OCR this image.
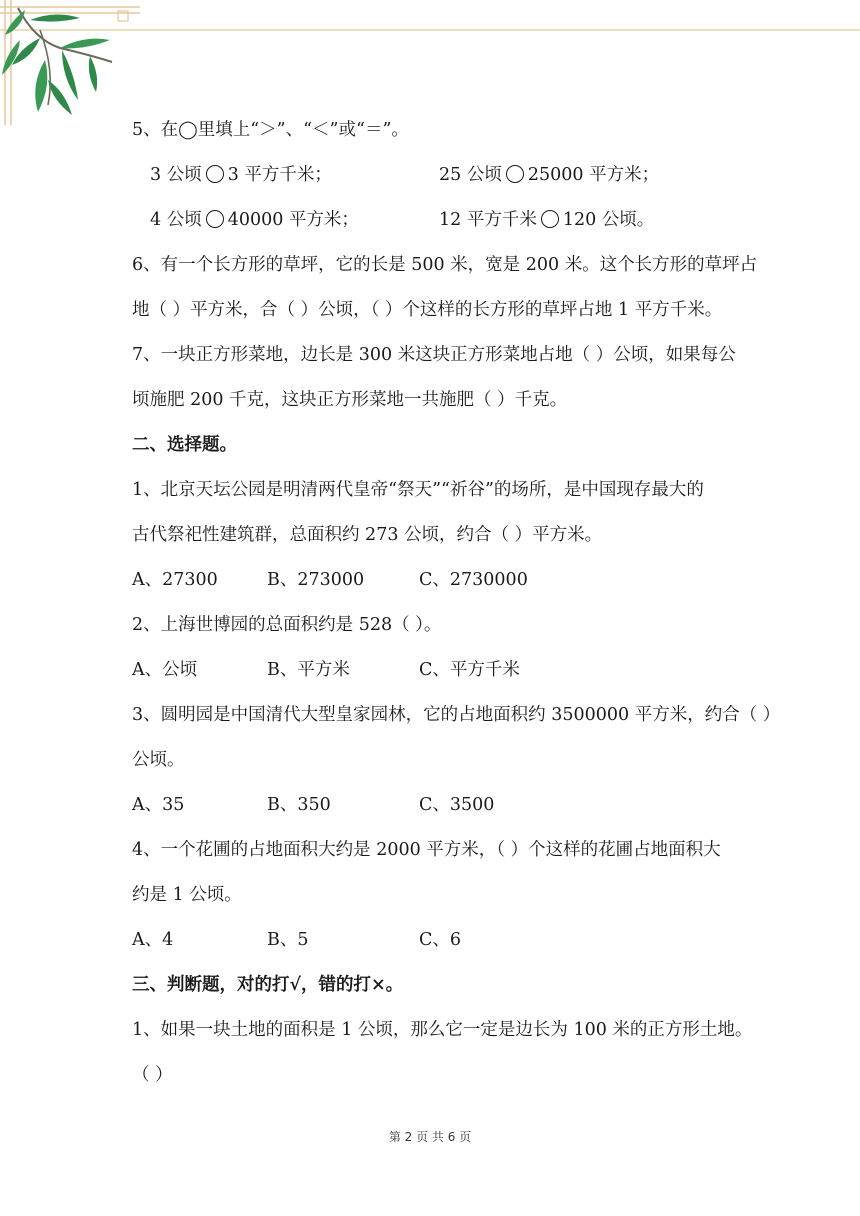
5、在◯里填上“＞”、“＜”或“＝”。
3 公顷 3 平方千米；	25 公顷 25000 平方米；
4 公顷 40000 平方米；	12 平方千米 120 公顷。
6、有一个长方形的草坪，它的长是 500 米，宽是 200 米。这个长方形的草坪占
地（ ）平方米，合（ ）公顷，（ ）个这样的长方形的草坪占地 1 平方千米。
7、一块正方形菜地，边长是 300 米这块正方形菜地占地（ ）公顷，如果每公
顷施肥 200 千克，这块正方形菜地一共施肥（ ）千克。
二、选择题。
1、北京天坛公园是明清两代皇帝“祭天”“祈谷”的场所，是中国现存最大的
古代祭祀性建筑群，总面积约 273 公顷，约合（ ）平方米。
A、27300	B、273000	C、2730000
2、上海世博园的总面积约是 528（ ）。
A、公顷	B、平方米	C、平方千米
3、圆明园是中国清代大型皇家园林，它的占地面积约 3500000 平方米，约合（ ）
公顷。
A、35	B、350	C、3500
4、一个花圃的占地面积大约是 2000 平方米，（ ）个这样的花圃占地面积大
约是 1 公顷。
A、4	B、5	C、6
三、判断题，对的打√，错的打×。
1、如果一块土地的面积是 1 公顷，那么它一定是边长为 100 米的正方形土地。
（ ）
第 2 页 共 6 页
